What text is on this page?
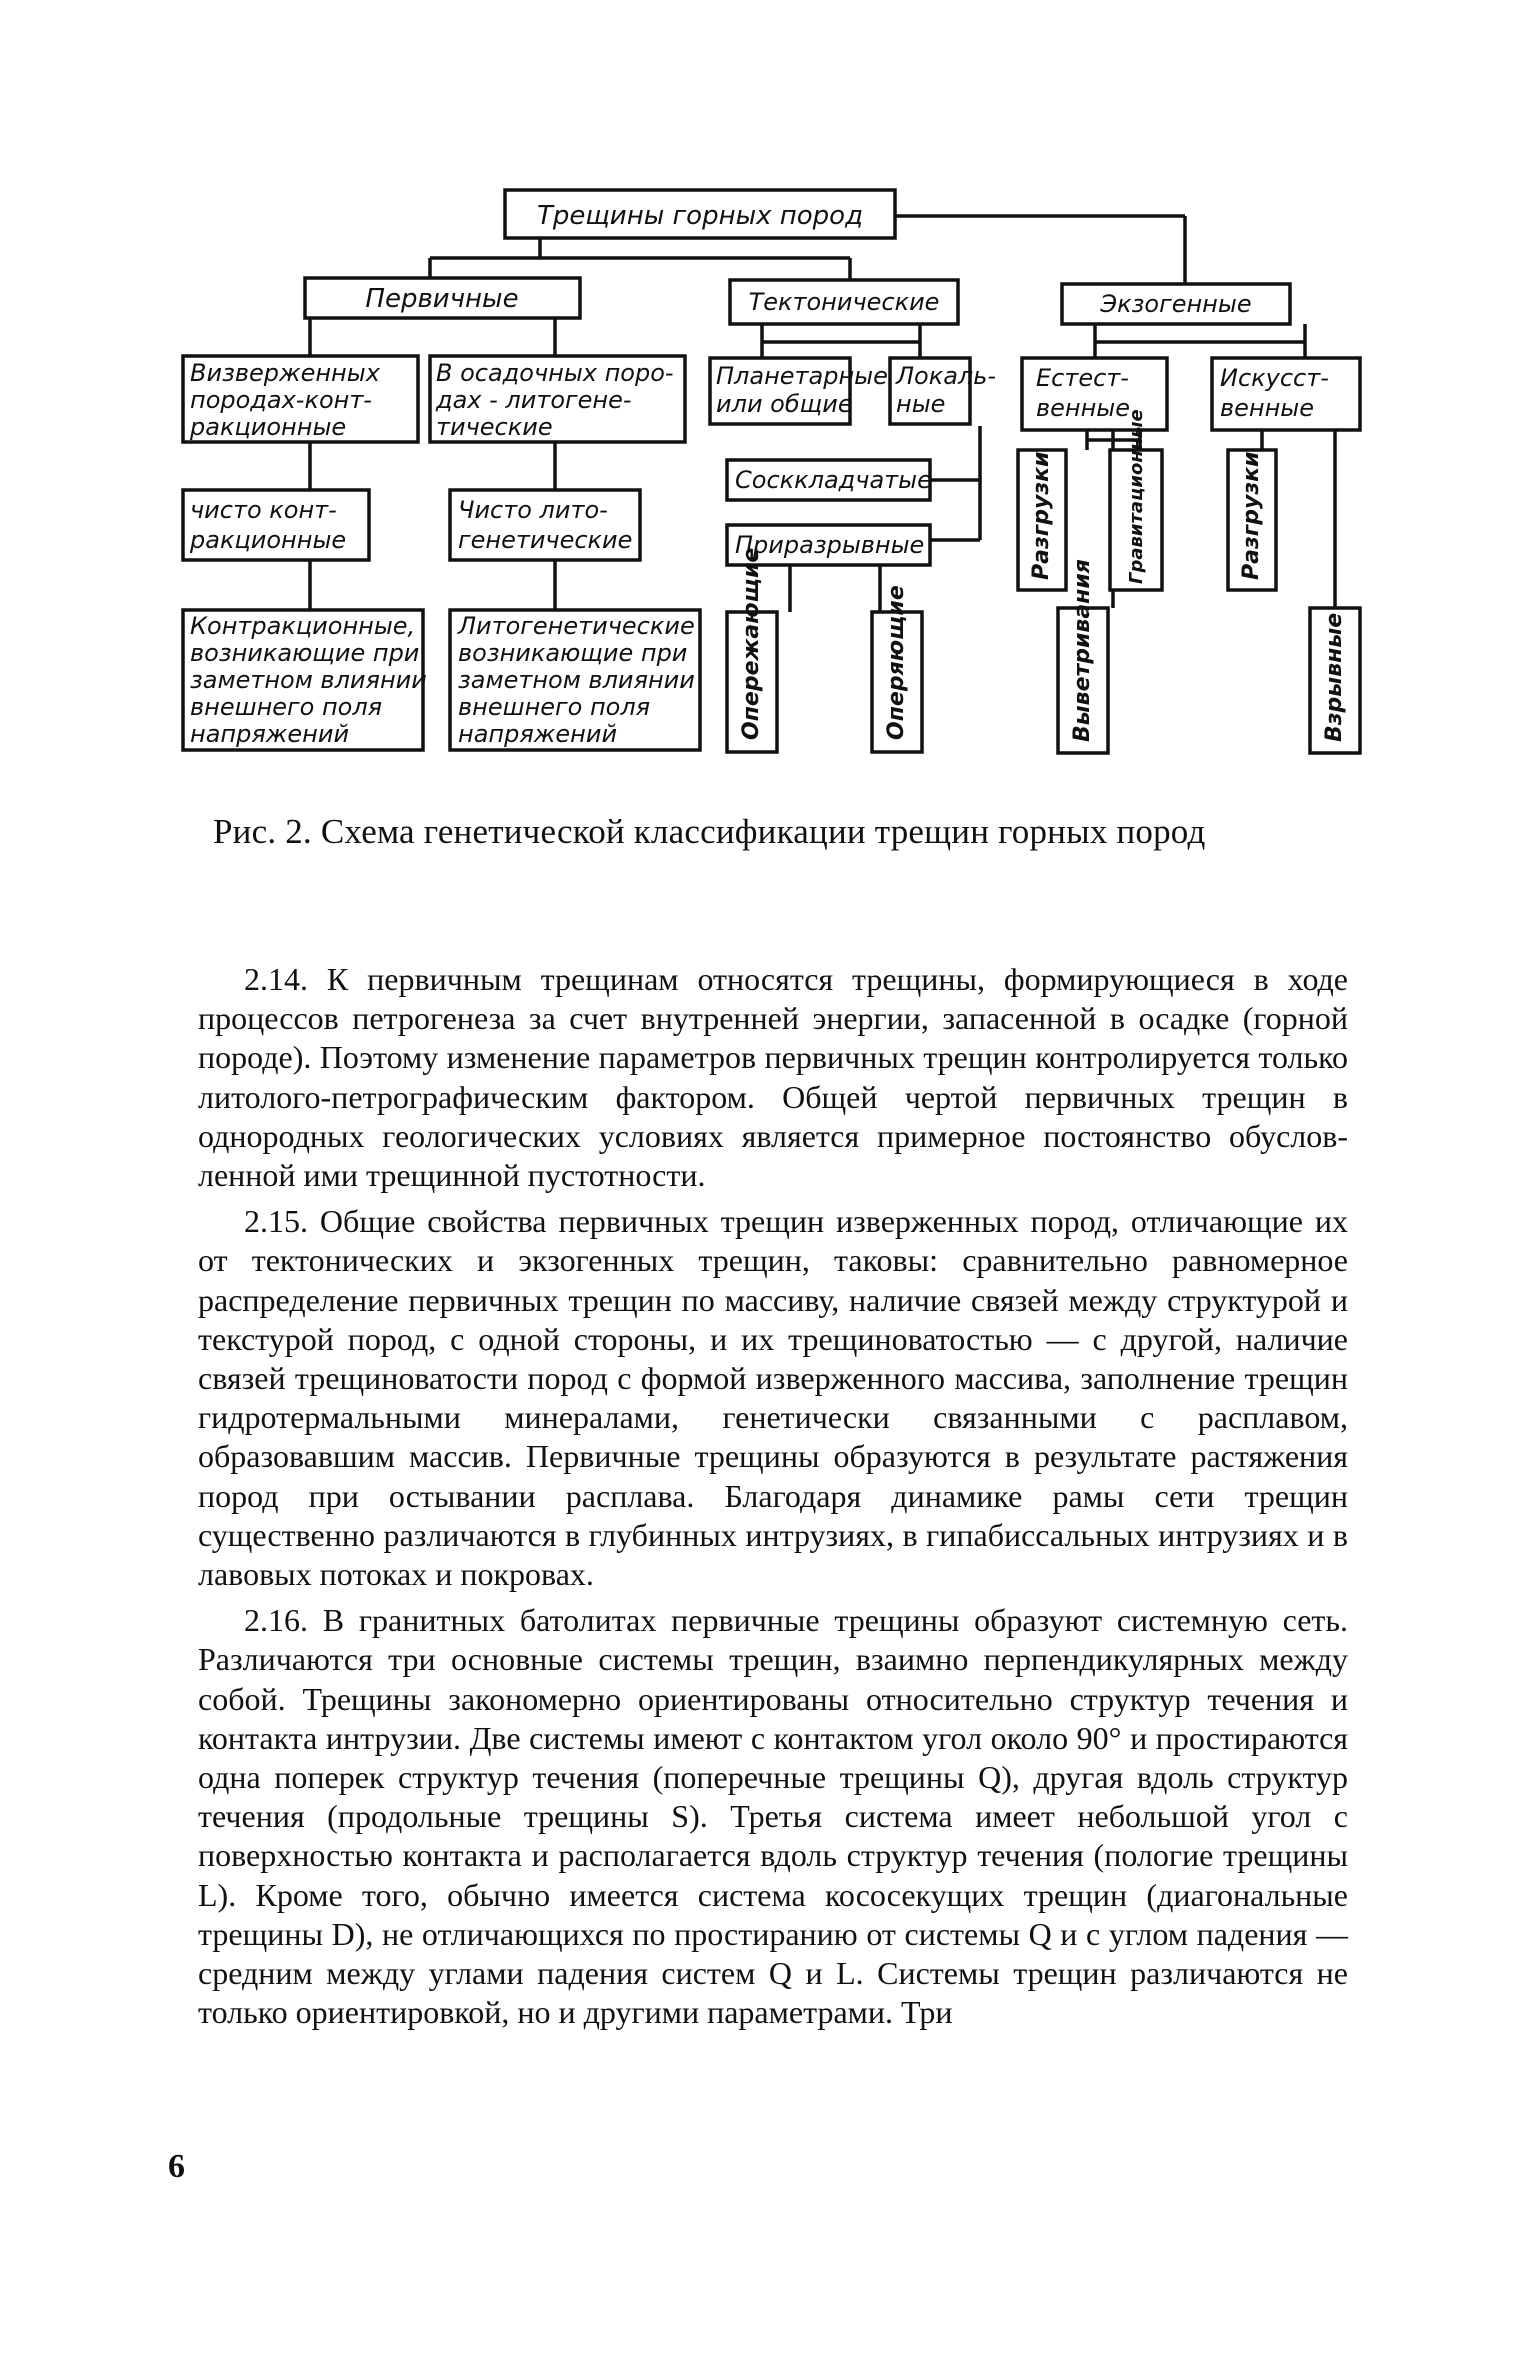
Трещины горных пород
Первичные	Тектонические	Экзогенные
Визверженных
породах-конт-
ракционные
В осадочных поро-
дах - литогене-
тические
чисто конт-
ракционные
Чисто лито-
генетические
Контракционные,
возникающие при
заметном влиянии
внешнего поля
напряжений
Литогенетические
возникающие при
заметном влиянии
внешнего поля
напряжений
Планетарные
или общие
Локаль-
ные
Сосккладчатые
Приразрывные
Опережающие	Оперяющие
Естест-
венные
Искусст-
венные
Разгрузки	Гравитационные
Выветривания
Разгрузки
Взрывные
Рис. 2. Схема генетической классификации трещин горных пород

2.14. К первичным трещинам относятся трещины, формирующиеся в ходе процессов петрогенеза за счет внутренней энергии, запасенной в осадке (горной породе). Поэтому изменение параметров первичных трещин контролируется только литолого-петрографическим фактором. Общей чертой первичных трещин в однородных геологических условиях является примерное постоянство обусловленной ими трещинной пустотности.

2.15. Общие свойства первичных трещин изверженных пород, отличающие их от тектонических и экзогенных трещин, таковы: сравнительно равномерное распределение первичных трещин по массиву, наличие связей между структурой и текстурой пород, с одной стороны, и их трещиноватостью — с другой, наличие связей трещиноватости пород с формой изверженного массива, заполнение трещин гидротермальными минералами, генетически связанными с расплавом, образовавшим массив. Первичные трещины образуются в результате растяжения пород при остывании расплава. Благодаря динамике рамы сети трещин существенно различаются в глубинных интрузиях, в гипабиссальных интрузиях и в лавовых потоках и покровах.

2.16. В гранитных батолитах первичные трещины образуют системную сеть. Различаются три основные системы трещин, взаимно перпендикулярных между собой. Трещины закономерно ориентированы относительно структур течения и контакта интрузии. Две системы имеют с контактом угол около 90° и простираются одна поперек структур течения (поперечные трещины Q), другая вдоль структур течения (продольные трещины S). Третья система имеет небольшой угол с поверхностью контакта и располагается вдоль структур течения (пологие трещины L). Кроме того, обычно имеется система кососекущих трещин (диагональные трещины D), не отличающихся по простиранию от системы Q и с углом падения — средним между углами падения систем Q и L. Системы трещин различаются не только ориентировкой, но и другими параметрами. Три

6
